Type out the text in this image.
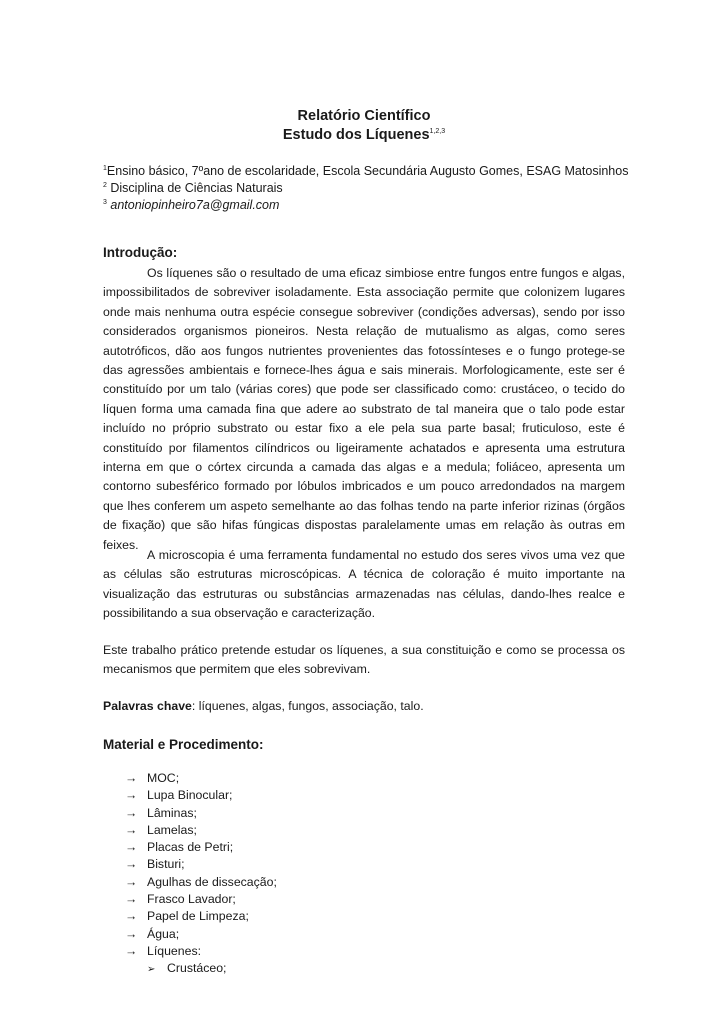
Relatório Científico
Estudo dos Líquenes$^{1,2,3}$
$^1$Ensino básico, 7ºano de escolaridade, Escola Secundária Augusto Gomes, ESAG Matosinhos
$^2$ Disciplina de Ciências Naturais
$^3$ antoniopinheiro7a@gmail.com
Introdução:

Os líquenes são o resultado de uma eficaz simbiose entre fungos entre fungos e algas, impossibilitados de sobreviver isoladamente. Esta associação permite que colonizem lugares onde mais nenhuma outra espécie consegue sobreviver (condições adversas), sendo por isso considerados organismos pioneiros. Nesta relação de mutualismo as algas, como seres autotróficos, dão aos fungos nutrientes provenientes das fotossínteses e o fungo protege-se das agressões ambientais e fornece-lhes água e sais minerais. Morfologicamente, este ser é constituído por um talo (várias cores) que pode ser classificado como: crustáceo, o tecido do líquen forma uma camada fina que adere ao substrato de tal maneira que o talo pode estar incluído no próprio substrato ou estar fixo a ele pela sua parte basal; fruticuloso, este é constituído por filamentos cilíndricos ou ligeiramente achatados e apresenta uma estrutura interna em que o córtex circunda a camada das algas e a medula; foliáceo, apresenta um contorno subesférico formado por lóbulos imbricados e um pouco arredondados na margem que lhes conferem um aspeto semelhante ao das folhas tendo na parte inferior rizinas (órgãos de fixação) que são hifas fúngicas dispostas paralelamente umas em relação às outras em feixes.

A microscopia é uma ferramenta fundamental no estudo dos seres vivos uma vez que as células são estruturas microscópicas. A técnica de coloração é muito importante na visualização das estruturas ou substâncias armazenadas nas células, dando-lhes realce e possibilitando a sua observação e caracterização.

Este trabalho prático pretende estudar os líquenes, a sua constituição e como se processa os mecanismos que permitem que eles sobrevivam.

Palavras chave: líquenes, algas, fungos, associação, talo.
Material e Procedimento:
→ MOC;
→ Lupa Binocular;
→ Lâminas;
→ Lamelas;
→ Placas de Petri;
→ Bisturi;
→ Agulhas de dissecação;
→ Frasco Lavador;
→ Papel de Limpeza;
→ Água;
→ Líquenes:
➢ Crustáceo;
